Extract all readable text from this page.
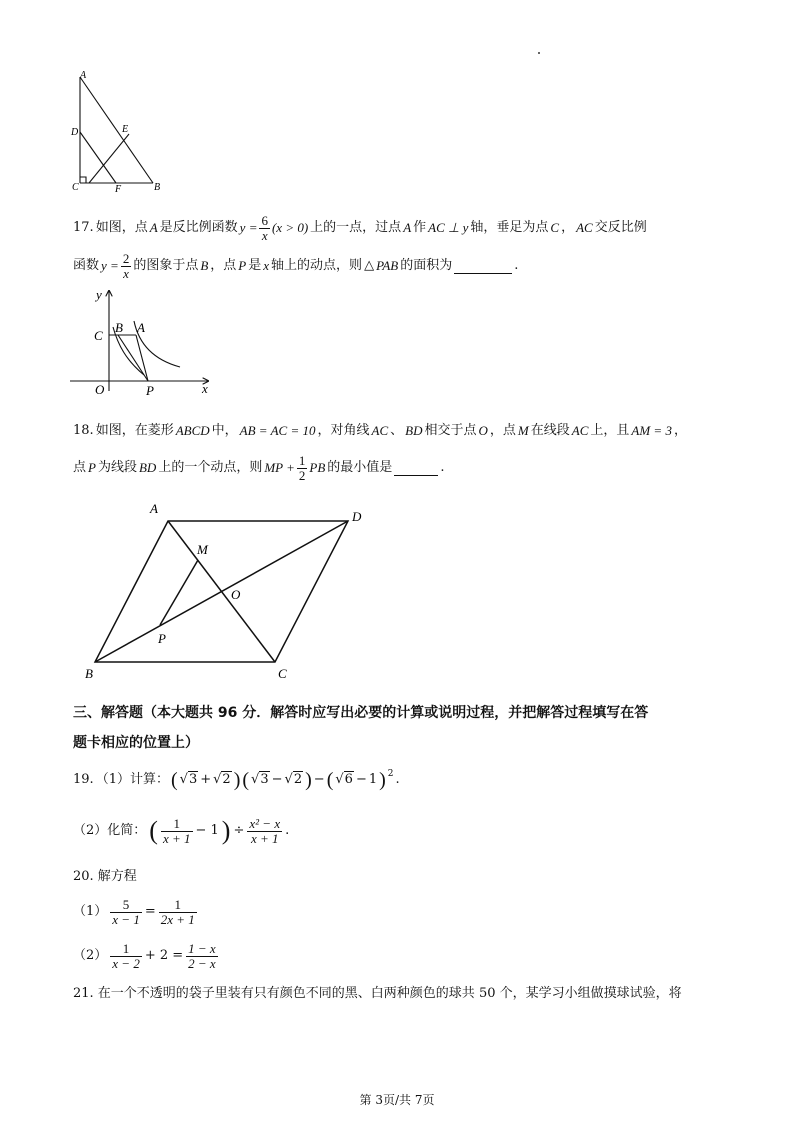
A
D	E
C	F	B
17. 如图，点 A 是反比例函数 $y = \frac{6}{x} (x > 0)$ 上的一点，过点 A 作 AC ⊥ y 轴，垂足为点 C ， AC 交反比例
函数 $y = \frac{2}{x}$ 的图象于点 B ，点 P 是 x 轴上的动点，则 △ PAB 的面积为	.
y
C
B A
O	P	x
18. 如图，在菱形 ABCD 中， AB = AC = 10 ，对角线 AC 、 BD 相交于点 O ，点 M 在线段 AC 上，且 AM = 3 ，
点 P 为线段 BD 上的一个动点，则 MP + $\frac{1}{2}$ PB 的最小值是	.
A
D
M
O
P
B	C
三、解答题（本大题共 96 分．解答时应写出必要的计算或说明过程，并把解答过程填写在答
题卡相应的位置上）
19. （1）计算： ( √3 + √2 ) ( √3 − √2 ) − ( √6 − 1 )$^2$ .
（2）化简： ( $\frac{1}{x + 1} - 1$ ) ÷ $\frac{\text{x² − x}}{x + 1}$ .
20. 解方程
$(1) \frac{5}{x - 1} = \frac{1}{2x + 1}$
$(2) \frac{1}{x - 2} + 2 = \frac{1 - x}{2 - x}$
21. 在一个不透明的袋子里装有只有颜色不同的黑、白两种颜色的球共 50 个，某学习小组做摸球试验，将
第 3页/共 7页
